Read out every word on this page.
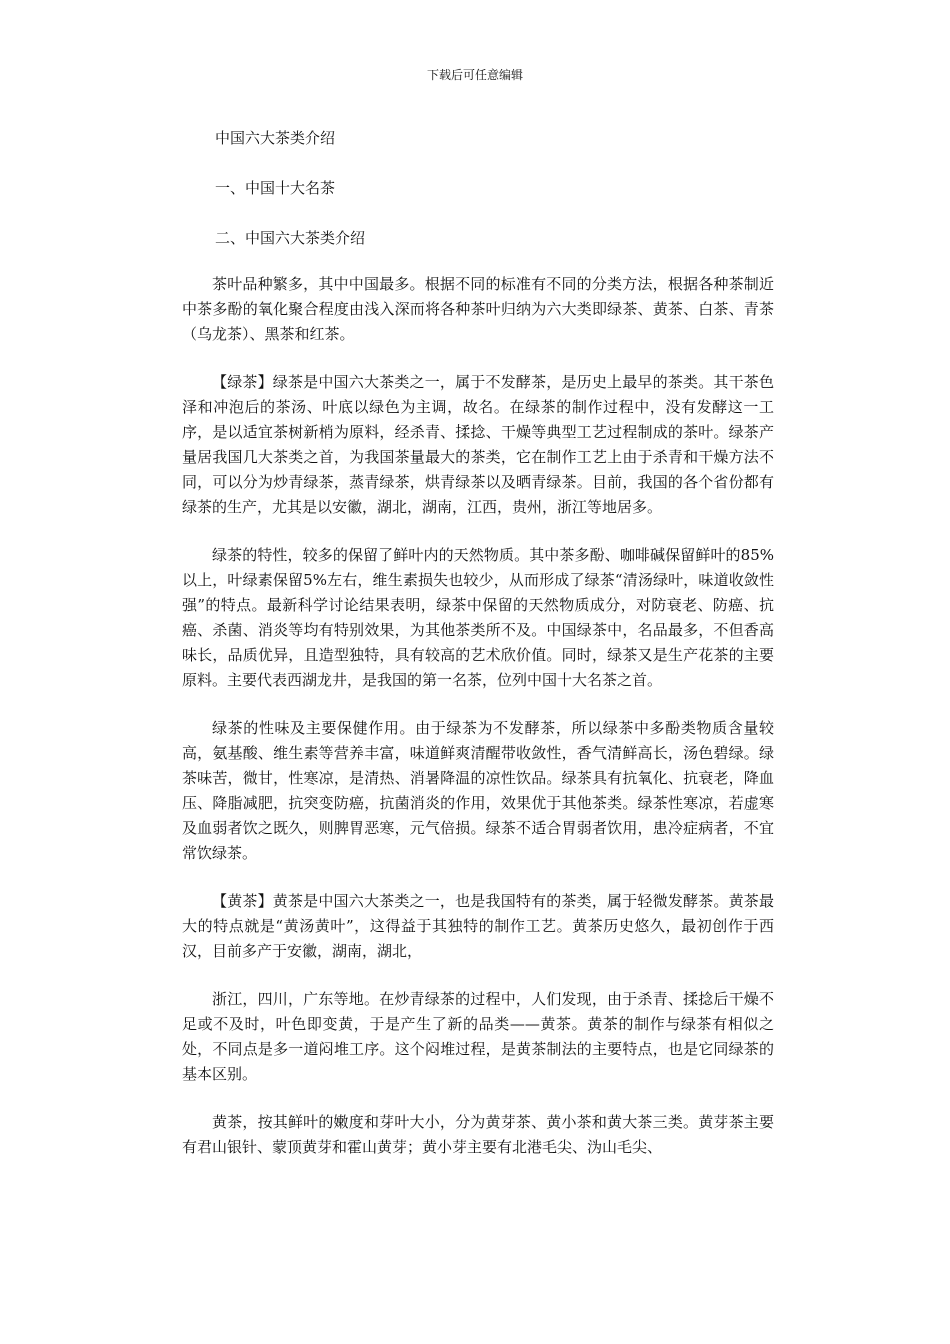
下载后可任意编辑
中国六大茶类介绍
一、中国十大名茶
二、中国六大茶类介绍

茶叶品种繁多，其中中国最多。根据不同的标准有不同的分类方法，根据各种茶制近中茶多酚的氧化聚合程度由浅入深而将各种茶叶归纳为六大类即绿茶、黄茶、白茶、青茶（乌龙茶）、黑茶和红茶。

【绿茶】绿茶是中国六大茶类之一，属于不发酵茶，是历史上最早的茶类。其干茶色泽和冲泡后的茶汤、叶底以绿色为主调，故名。在绿茶的制作过程中，没有发酵这一工序，是以适宜茶树新梢为原料，经杀青、揉捻、干燥等典型工艺过程制成的茶叶。绿茶产量居我国几大茶类之首，为我国茶量最大的茶类，它在制作工艺上由于杀青和干燥方法不同，可以分为炒青绿茶，蒸青绿茶，烘青绿茶以及晒青绿茶。目前，我国的各个省份都有绿茶的生产，尤其是以安徽，湖北，湖南，江西，贵州，浙江等地居多。

绿茶的特性，较多的保留了鲜叶内的天然物质。其中茶多酚、咖啡碱保留鲜叶的85%以上，叶绿素保留5%左右，维生素损失也较少，从而形成了绿茶“清汤绿叶，味道收敛性强”的特点。最新科学讨论结果表明，绿茶中保留的天然物质成分，对防衰老、防癌、抗癌、杀菌、消炎等均有特别效果，为其他茶类所不及。中国绿茶中，名品最多，不但香高味长，品质优异，且造型独特，具有较高的艺术欣价值。同时，绿茶又是生产花茶的主要原料。主要代表西湖龙井，是我国的第一名茶，位列中国十大名茶之首。

绿茶的性味及主要保健作用。由于绿茶为不发酵茶，所以绿茶中多酚类物质含量较高，氨基酸、维生素等营养丰富，味道鲜爽清醒带收敛性，香气清鲜高长，汤色碧绿。绿茶味苦，微甘，性寒凉，是清热、消暑降温的凉性饮品。绿茶具有抗氧化、抗衰老，降血压、降脂减肥，抗突变防癌，抗菌消炎的作用，效果优于其他茶类。绿茶性寒凉，若虚寒及血弱者饮之既久，则脾胃恶寒，元气倍损。绿茶不适合胃弱者饮用，患冷症病者，不宜常饮绿茶。

【黄茶】黄茶是中国六大茶类之一，也是我国特有的茶类，属于轻微发酵茶。黄茶最大的特点就是“黄汤黄叶”，这得益于其独特的制作工艺。黄茶历史悠久，最初创作于西汉，目前多产于安徽，湖南，湖北，

浙江，四川，广东等地。在炒青绿茶的过程中，人们发现，由于杀青、揉捻后干燥不足或不及时，叶色即变黄，于是产生了新的品类——黄茶。黄茶的制作与绿茶有相似之处，不同点是多一道闷堆工序。这个闷堆过程，是黄茶制法的主要特点，也是它同绿茶的基本区别。

黄茶，按其鲜叶的嫩度和芽叶大小，分为黄芽茶、黄小茶和黄大茶三类。黄芽茶主要有君山银针、蒙顶黄芽和霍山黄芽；黄小芽主要有北港毛尖、沩山毛尖、
